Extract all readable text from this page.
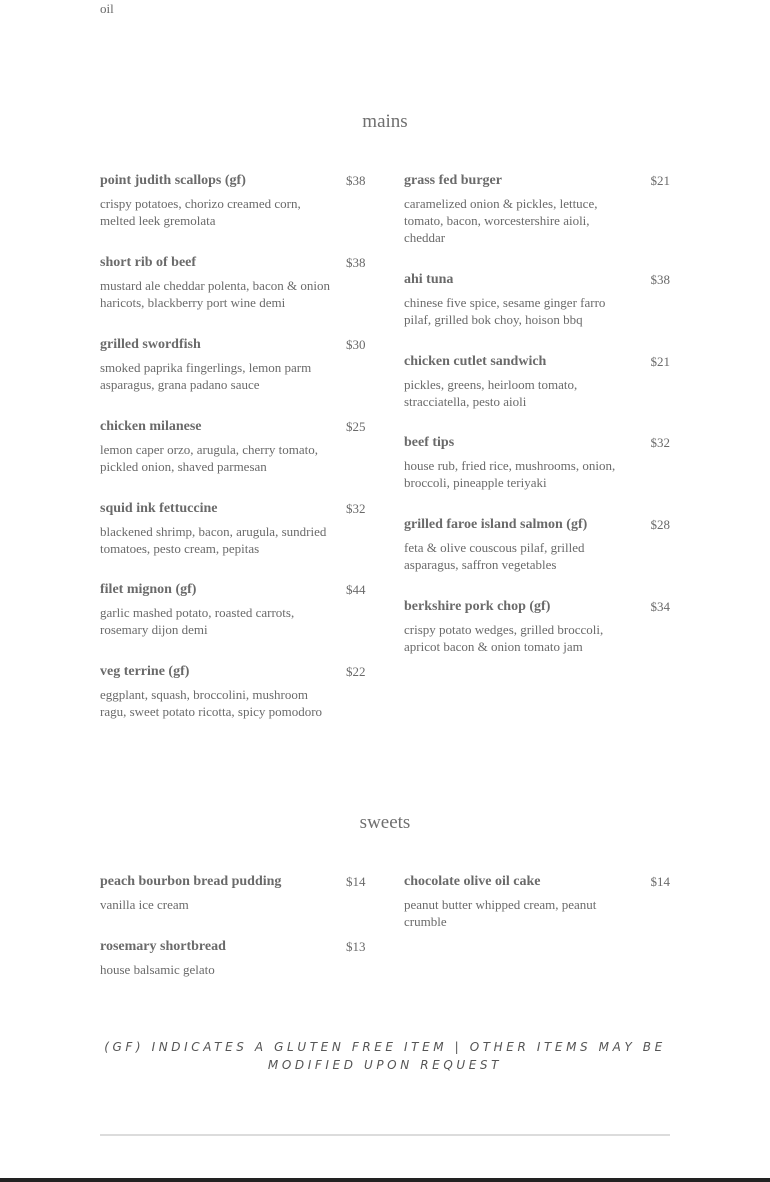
oil
mains
point judith scallops (gf)	$38
crispy potatoes, chorizo creamed corn, melted leek gremolata
short rib of beef	$38
mustard ale cheddar polenta, bacon & onion haricots, blackberry port wine demi
grilled swordfish	$30
smoked paprika fingerlings, lemon parm asparagus, grana padano sauce
chicken milanese	$25
lemon caper orzo, arugula, cherry tomato, pickled onion, shaved parmesan
squid ink fettuccine	$32
blackened shrimp, bacon, arugula, sundried tomatoes, pesto cream, pepitas
filet mignon (gf)	$44
garlic mashed potato, roasted carrots, rosemary dijon demi
veg terrine (gf)	$22
eggplant, squash, broccolini, mushroom ragu, sweet potato ricotta, spicy pomodoro
grass fed burger	$21
caramelized onion & pickles, lettuce, tomato, bacon, worcestershire aioli, cheddar
ahi tuna	$38
chinese five spice, sesame ginger farro pilaf, grilled bok choy, hoison bbq
chicken cutlet sandwich	$21
pickles, greens, heirloom tomato, stracciatella, pesto aioli
beef tips	$32
house rub, fried rice, mushrooms, onion, broccoli, pineapple teriyaki
grilled faroe island salmon (gf)	$28
feta & olive couscous pilaf, grilled asparagus, saffron vegetables
berkshire pork chop (gf)	$34
crispy potato wedges, grilled broccoli, apricot bacon & onion tomato jam
sweets
peach bourbon bread pudding	$14
vanilla ice cream
rosemary shortbread	$13
house balsamic gelato
chocolate olive oil cake	$14
peanut butter whipped cream, peanut crumble
(GF) INDICATES A GLUTEN FREE ITEM | OTHER ITEMS MAY BE MODIFIED UPON REQUEST
